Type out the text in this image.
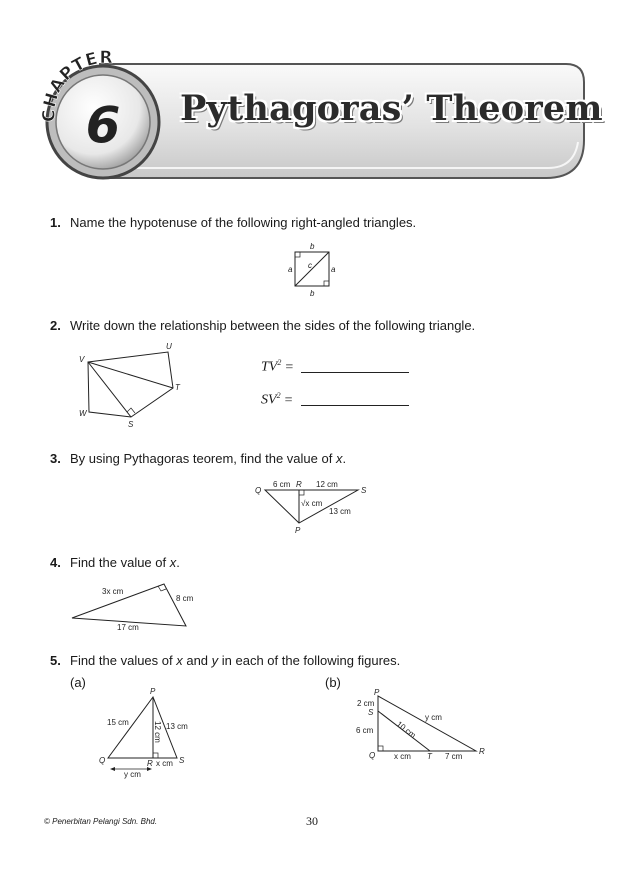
CHAPTER
6 Pythagoras’ Theorem
1. Name the hypotenuse of the following right-angled triangles.
b
b
a	a
c
2. Write down the relationship between the sides of the following triangle.
V
U
T
S
W
$TV^2$ =
$SV^2$ =
3. By using Pythagoras teorem, find the value of x.
Q
R
S
P
6 cm	12 cm
√x cm
13 cm
4. Find the value of x.
3x cm
8 cm
17 cm
5. Find the values of x and y in each of the following figures.
(a)	(b)
P
Q	R	S
15 cm	13 cm
12 cm
x cm
y cm
P
S
Q	T
R
2 cm
6 cm	10 cm
y cm
x cm	7 cm
© Penerbitan Pelangi Sdn. Bhd.	30
